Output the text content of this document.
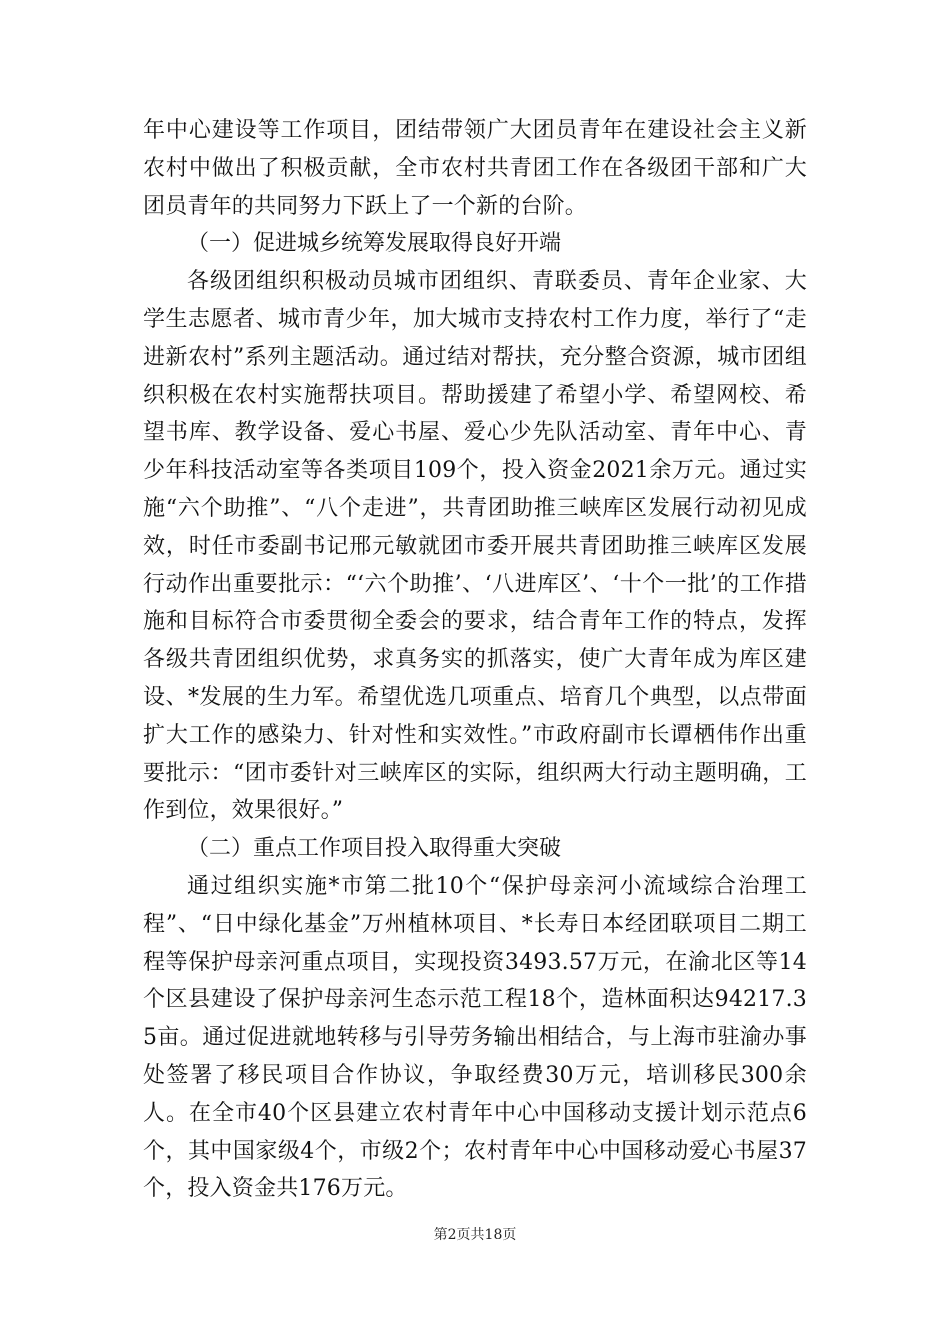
年中心建设等工作项目，团结带领广大团员青年在建设社会主义新农村中做出了积极贡献，全市农村共青团工作在各级团干部和广大团员青年的共同努力下跃上了一个新的台阶。

（一）促进城乡统筹发展取得良好开端

各级团组织积极动员城市团组织、青联委员、青年企业家、大学生志愿者、城市青少年，加大城市支持农村工作力度，举行了“走进新农村”系列主题活动。通过结对帮扶，充分整合资源，城市团组织积极在农村实施帮扶项目。帮助援建了希望小学、希望网校、希望书库、教学设备、爱心书屋、爱心少先队活动室、青年中心、青少年科技活动室等各类项目109个，投入资金2021余万元。通过实施“六个助推”、“八个走进”，共青团助推三峡库区发展行动初见成效，时任市委副书记邢元敏就团市委开展共青团助推三峡库区发展行动作出重要批示：“‘六个助推’、‘八进库区’、‘十个一批’的工作措施和目标符合市委贯彻全委会的要求，结合青年工作的特点，发挥各级共青团组织优势，求真务实的抓落实，使广大青年成为库区建设、*发展的生力军。希望优选几项重点、培育几个典型，以点带面扩大工作的感染力、针对性和实效性。”市政府副市长谭栖伟作出重要批示：“团市委针对三峡库区的实际，组织两大行动主题明确，工作到位，效果很好。”

（二）重点工作项目投入取得重大突破

通过组织实施*市第二批10个“保护母亲河小流域综合治理工程”、“日中绿化基金”万州植林项目、*长寿日本经团联项目二期工程等保护母亲河重点项目，实现投资3493.57万元，在渝北区等14个区县建设了保护母亲河生态示范工程18个，造林面积达94217.35亩。通过促进就地转移与引导劳务输出相结合，与上海市驻渝办事处签署了移民项目合作协议，争取经费30万元，培训移民300余人。在全市40个区县建立农村青年中心中国移动支援计划示范点6个，其中国家级4个，市级2个；农村青年中心中国移动爱心书屋37个，投入资金共176万元。

第2页共18页
